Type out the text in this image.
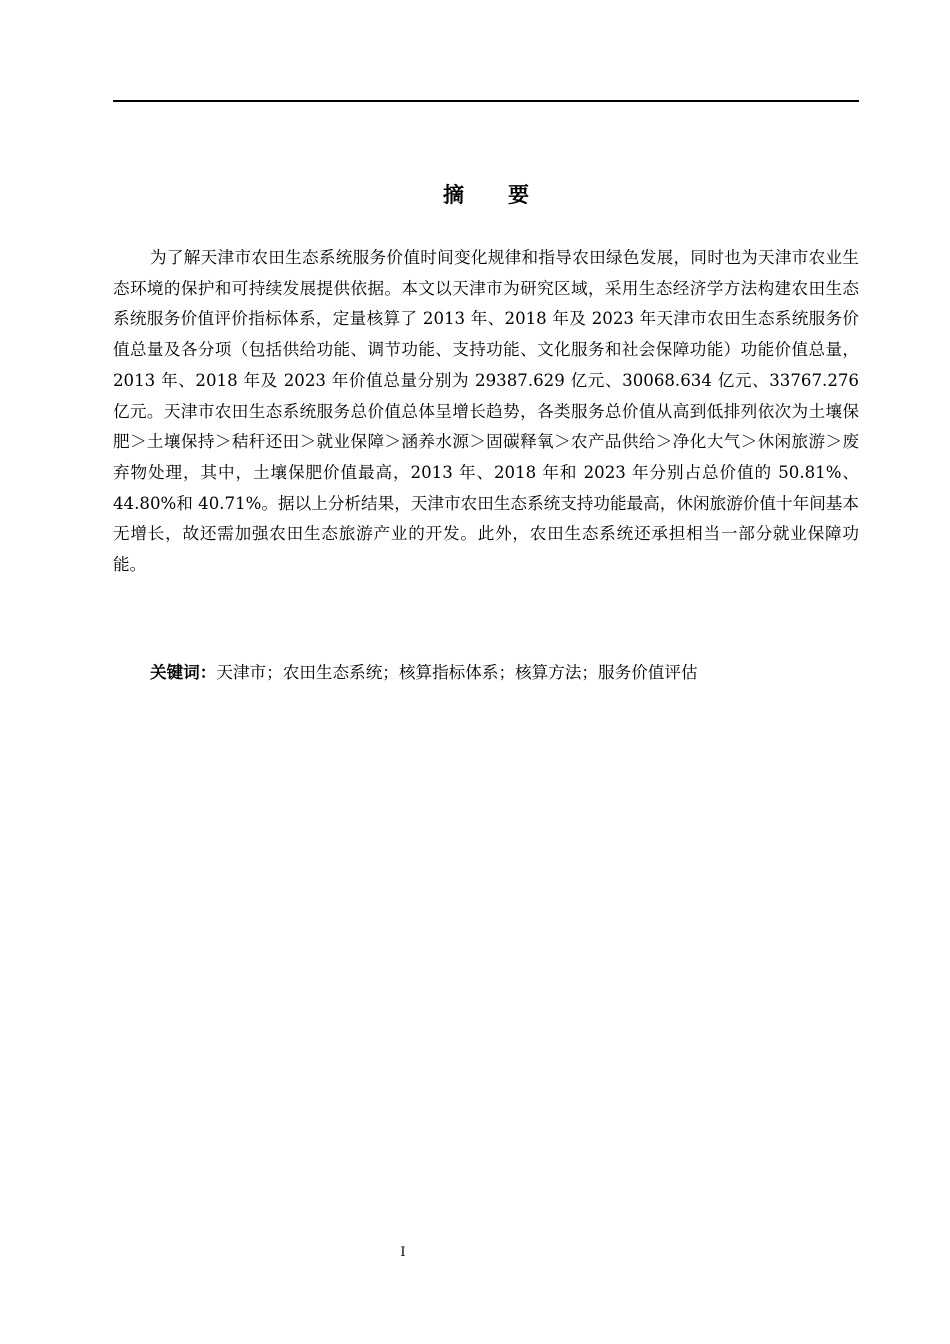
摘要

为了解天津市农田生态系统服务价值时间变化规律和指导农田绿色发展，同时也为天津市农业生态环境的保护和可持续发展提供依据。本文以天津市为研究区域，采用生态经济学方法构建农田生态系统服务价值评价指标体系，定量核算了 2013 年、2018 年及 2023 年天津市农田生态系统服务价值总量及各分项（包括供给功能、调节功能、支持功能、文化服务和社会保障功能）功能价值总量，2013 年、2018 年及 2023 年价值总量分别为 29387.629 亿元、30068.634 亿元、33767.276 亿元。天津市农田生态系统服务总价值总体呈增长趋势，各类服务总价值从高到低排列依次为土壤保肥＞土壤保持＞秸秆还田＞就业保障＞涵养水源＞固碳释氧＞农产品供给＞净化大气＞休闲旅游＞废弃物处理，其中，土壤保肥价值最高，2013 年、2018 年和 2023 年分别占总价值的 50.81%、44.80%和 40.71%。据以上分析结果，天津市农田生态系统支持功能最高，休闲旅游价值十年间基本无增长，故还需加强农田生态旅游产业的开发。此外，农田生态系统还承担相当一部分就业保障功能。

关键词：天津市；农田生态系统；核算指标体系；核算方法；服务价值评估

I
